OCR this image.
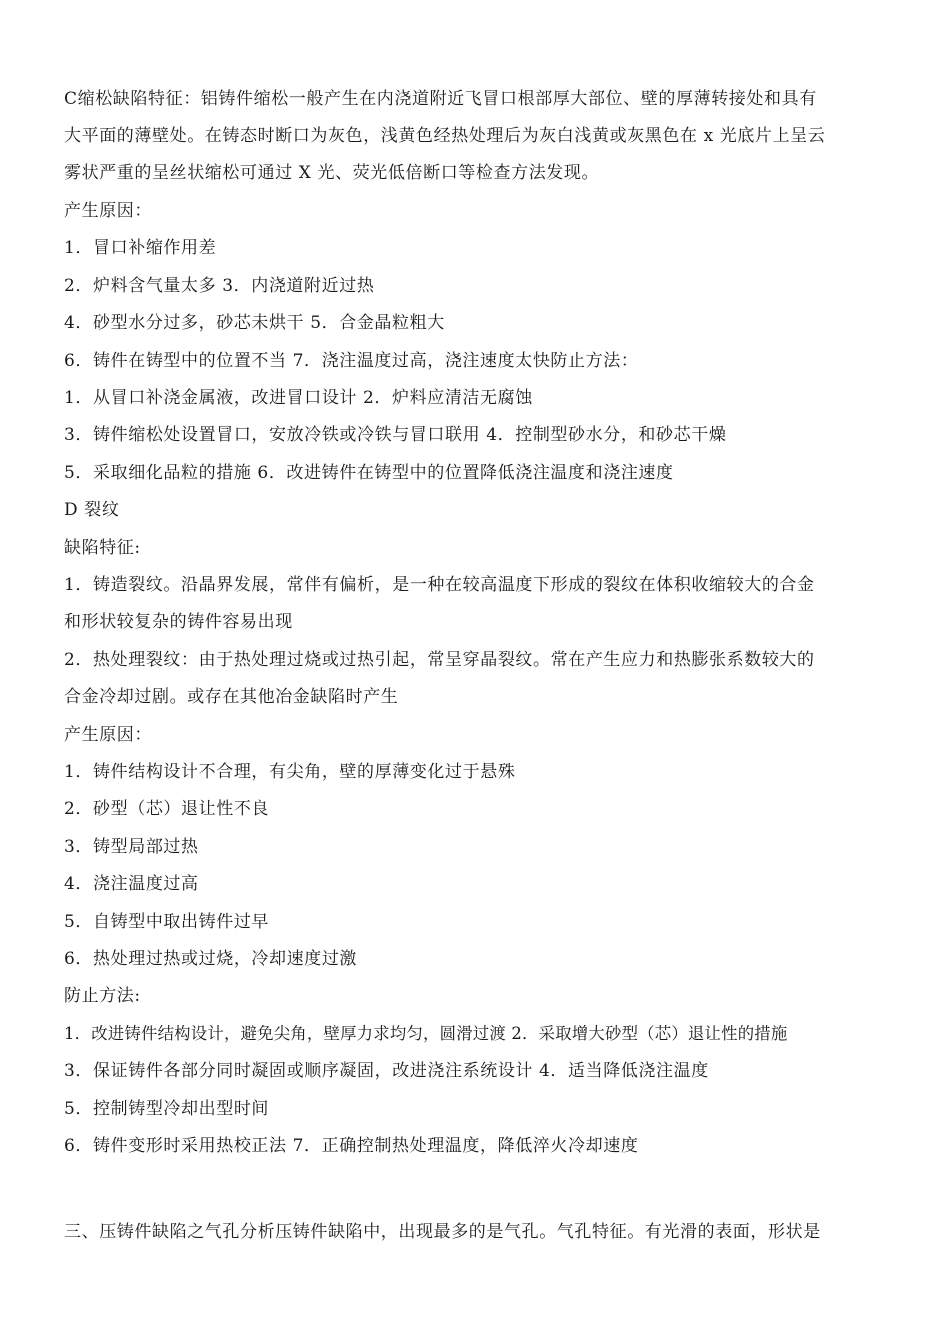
C缩松缺陷特征：铝铸件缩松一般产生在内浇道附近飞冒口根部厚大部位、壁的厚薄转接处和具有
大平面的薄壁处。在铸态时断口为灰色，浅黄色经热处理后为灰白浅黄或灰黑色在 x 光底片上呈云
雾状严重的呈丝状缩松可通过 X 光、荧光低倍断口等检查方法发现。
产生原因：
1．冒口补缩作用差
2．炉料含气量太多 3．内浇道附近过热
4．砂型水分过多，砂芯未烘干 5．合金晶粒粗大
6．铸件在铸型中的位置不当 7．浇注温度过高，浇注速度太快防止方法：
1．从冒口补浇金属液，改进冒口设计 2．炉料应清洁无腐蚀
3．铸件缩松处设置冒口，安放冷铁或冷铁与冒口联用 4．控制型砂水分，和砂芯干燥
5．采取细化品粒的措施 6．改进铸件在铸型中的位置降低浇注温度和浇注速度
D 裂纹
缺陷特征:
1．铸造裂纹。沿晶界发展，常伴有偏析，是一种在较高温度下形成的裂纹在体积收缩较大的合金
和形状较复杂的铸件容易出现
2．热处理裂纹：由于热处理过烧或过热引起，常呈穿晶裂纹。常在产生应力和热膨张系数较大的
合金冷却过剧。或存在其他冶金缺陷时产生
产生原因：
1．铸件结构设计不合理，有尖角，壁的厚薄变化过于悬殊
2．砂型（芯）退让性不良
3．铸型局部过热
4．浇注温度过高
5．自铸型中取出铸件过早
6．热处理过热或过烧，冷却速度过激
防止方法:
1．改进铸件结构设计，避免尖角，壁厚力求均匀，圆滑过渡 2．采取增大砂型（芯）退让性的措施
3．保证铸件各部分同时凝固或顺序凝固，改进浇注系统设计 4．适当降低浇注温度
5．控制铸型冷却出型时间
6．铸件变形时采用热校正法 7．正确控制热处理温度，降低淬火冷却速度
三、压铸件缺陷之气孔分析压铸件缺陷中，出现最多的是气孔。气孔特征。有光滑的表面，形状是
